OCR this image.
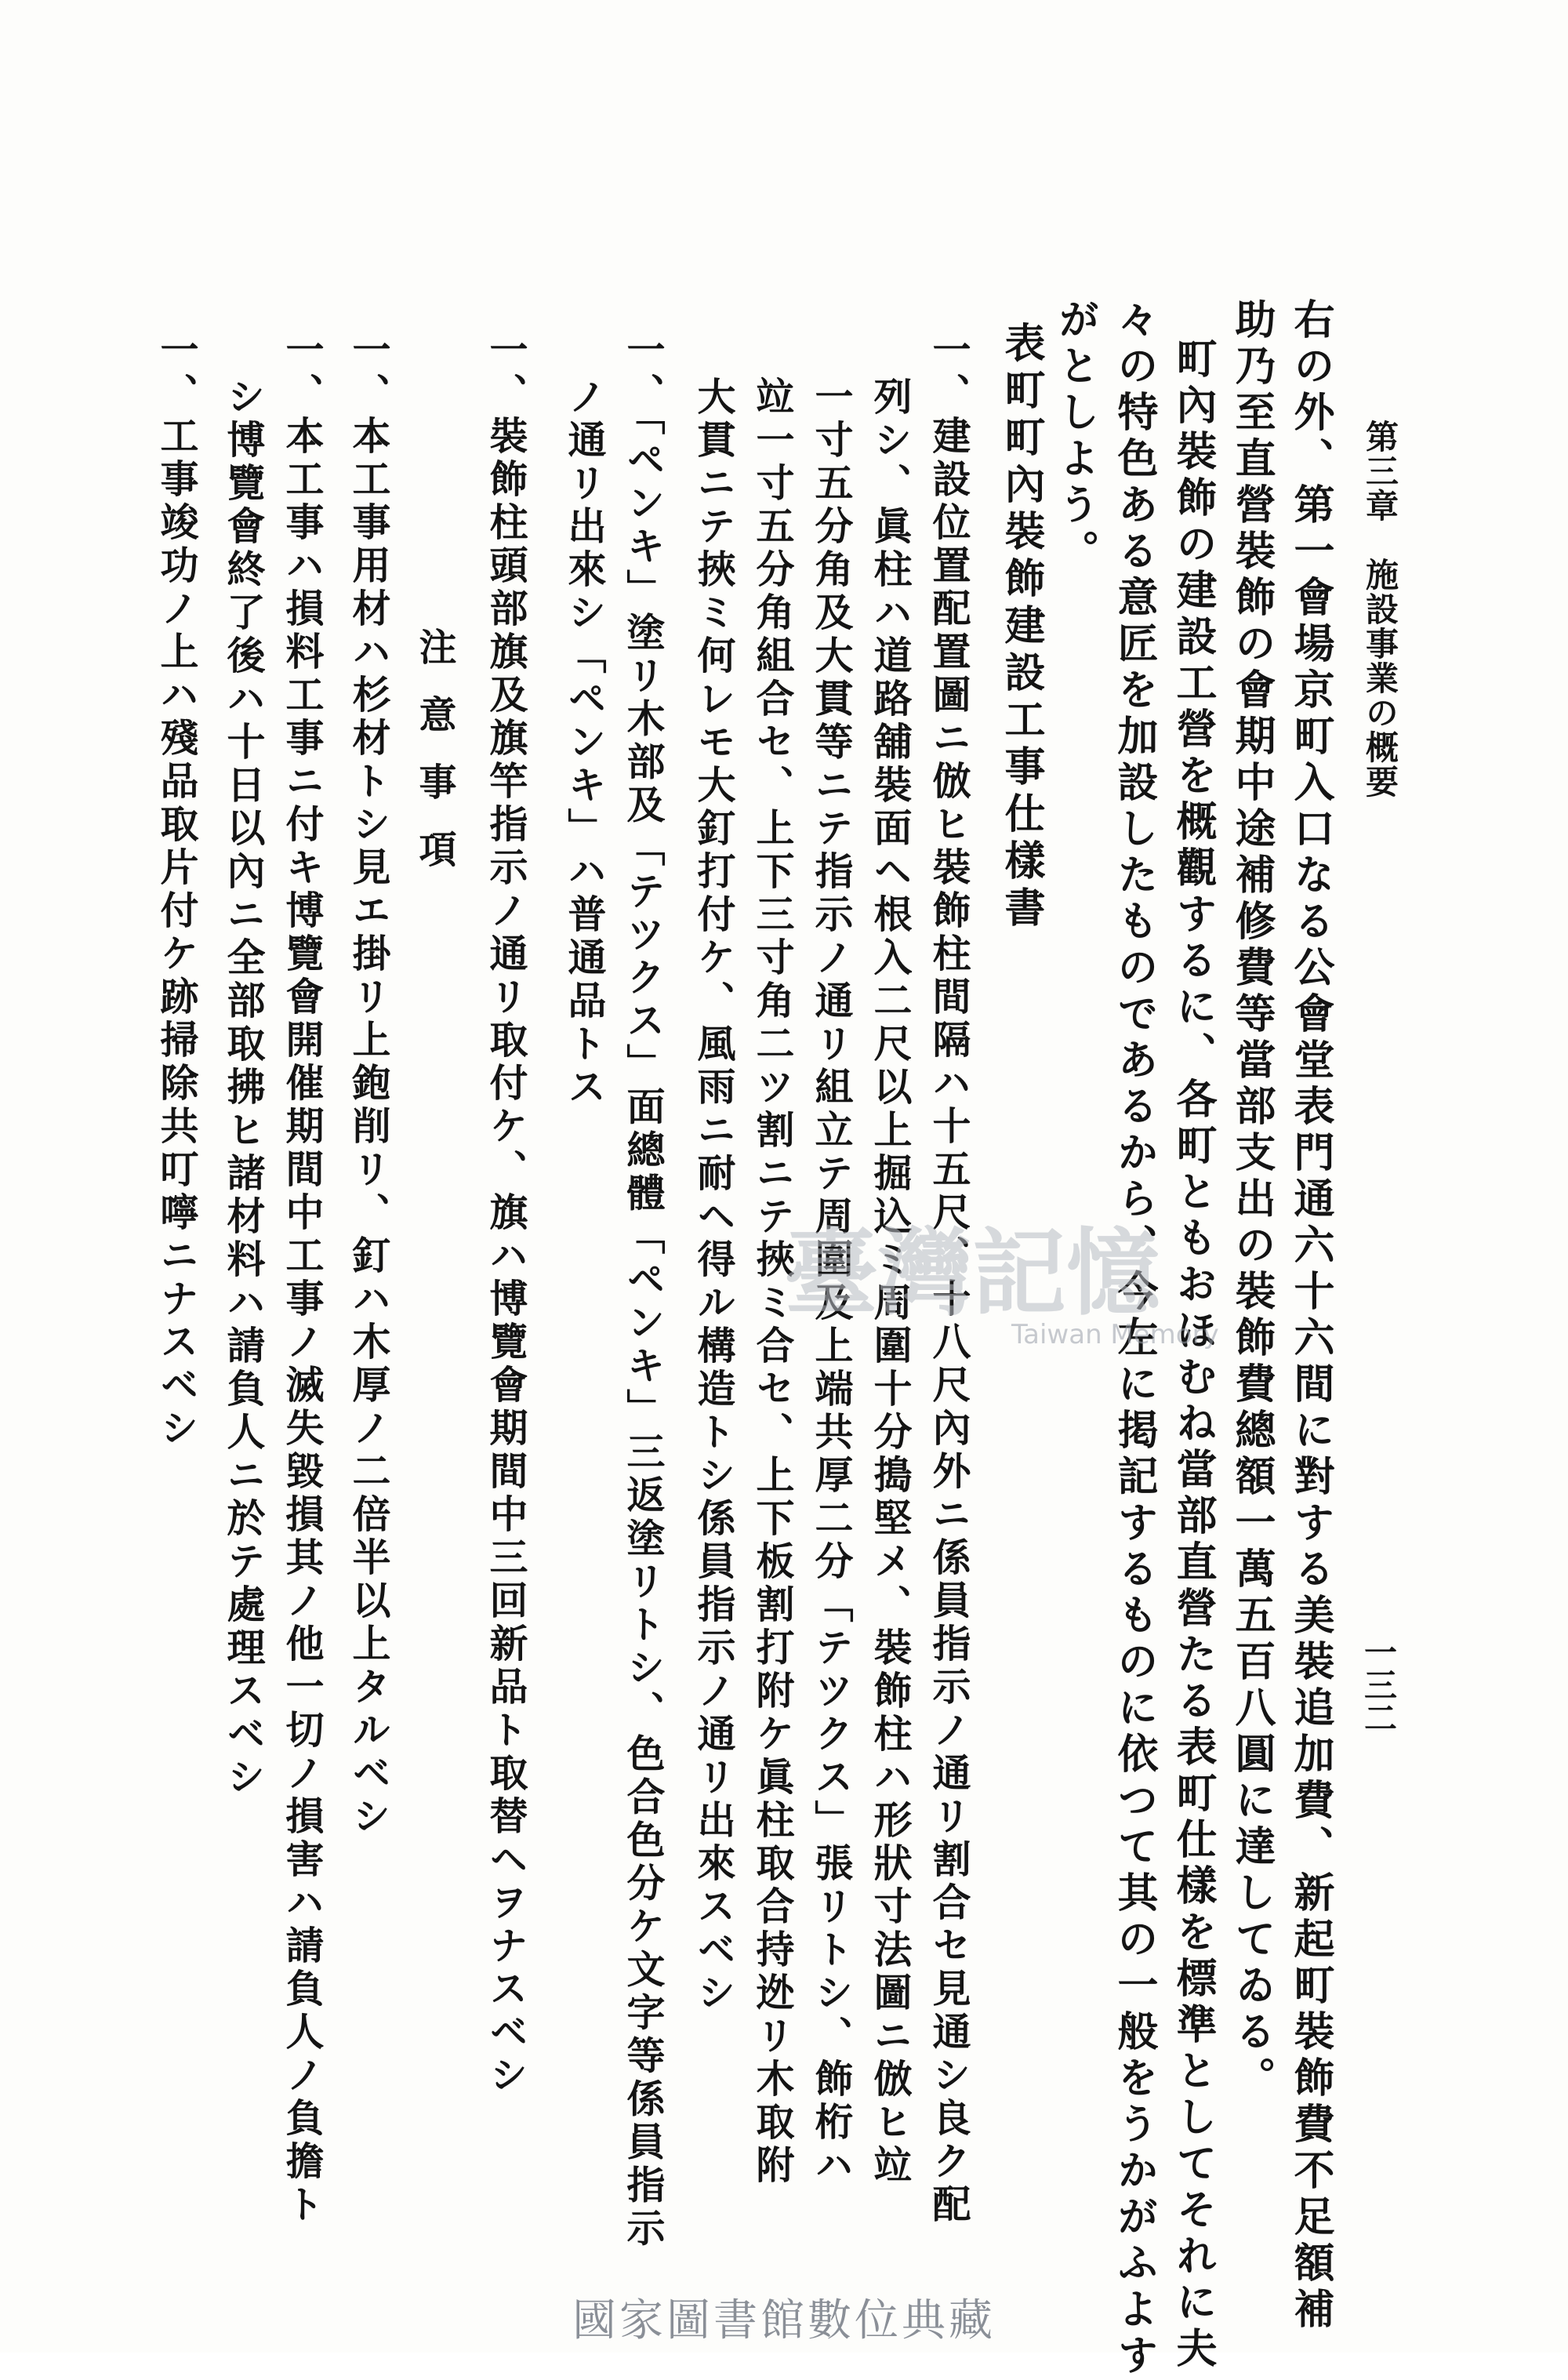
第三章　施設事業の概要
一三二
右の外、第一會場京町入口なる公會堂表門通六十六間に對する美裝追加費、新起町裝飾費不足額補
助乃至直營裝飾の會期中途補修費等當部支出の裝飾費總額一萬五百八圓に達してゐる。
町內裝飾の建設工營を概觀するに、各町ともおほむね當部直營たる表町仕樣を標準としてそれに夫
々の特色ある意匠を加設したものであるから、今左に掲記するものに依つて其の一般をうかがふよす
がとしよう。
表町町內裝飾建設工事仕樣書
一、建設位置配置圖ニ倣ヒ裝飾柱間隔ハ十五尺、十八尺內外ニ係員指示ノ通リ割合セ見通シ良ク配
列シ、眞柱ハ道路舖裝面ヘ根入二尺以上掘込ミ周圍十分搗堅メ、裝飾柱ハ形狀寸法圖ニ倣ヒ竝
一寸五分角及大貫等ニテ指示ノ通リ組立テ周圍及上端共厚二分「テツクス」張リトシ、飾桁ハ
竝一寸五分角組合セ、上下三寸角二ツ割ニテ挾ミ合セ、上下板割打附ケ眞柱取合持迯リ木取附
大貫ニテ挾ミ何レモ大釘打付ケ、風雨ニ耐ヘ得ル構造トシ係員指示ノ通リ出來スベシ
一、「ペンキ」塗リ木部及「テツクス」面總體「ペンキ」三返塗リトシ、色合色分ケ文字等係員指示
ノ通リ出來シ「ペンキ」ハ普通品トス
一、裝飾柱頭部旗及旗竿指示ノ通リ取付ケ、旗ハ博覽會期間中三回新品ト取替ヘヲナスベシ
注意事項
一、本工事用材ハ杉材トシ見エ掛リ上鉋削リ、釘ハ木厚ノ二倍半以上タルベシ
一、本工事ハ損料工事ニ付キ博覽會開催期間中工事ノ滅失毀損其ノ他一切ノ損害ハ請負人ノ負擔ト
シ博覽會終了後ハ十日以內ニ全部取拂ヒ諸材料ハ請負人ニ於テ處理スベシ
一、工事竣功ノ上ハ殘品取片付ケ跡掃除共叮嚀ニナスベシ	臺灣記憶
Taiwan Memory
國家圖書館數位典藏
